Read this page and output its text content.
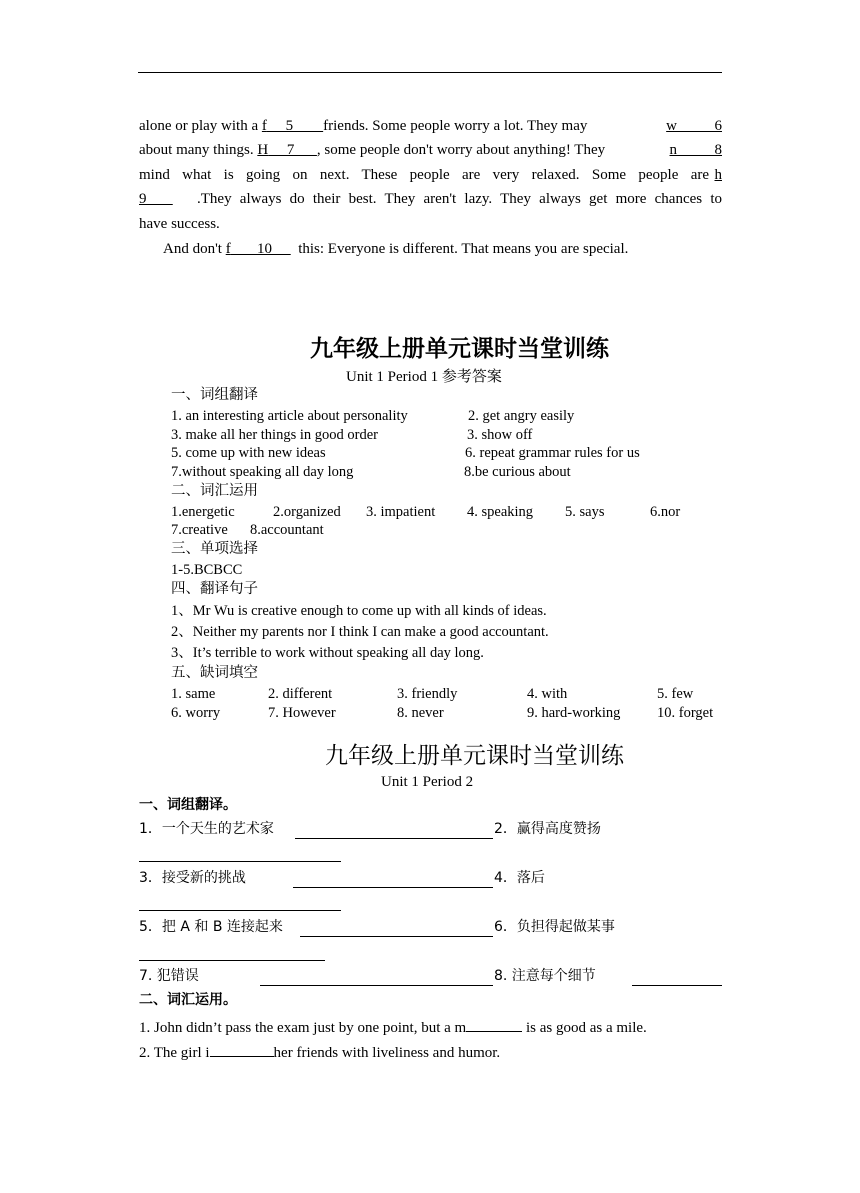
alone or play with a f     5        friends. Some people worry a lot. They may	w          6
about many things. H     7      , some people don't worry about anything! They	n          8
mind what is going on next. These people are very relaxed. Some people are h
9	.They always do their best. They aren't lazy. They always get more chances to
have success.
And don't f       10       this: Everyone is different. That means you are special.
九年级上册单元课时当堂训练
Unit 1 Period 1 参考答案
一、词组翻译
1. an interesting article about personality	2. get angry easily
3. make all her things in good order	3. show off
5. come up with new ideas	6. repeat grammar rules for us
7.without speaking all day long	8.be curious about
二、词汇运用
1.energetic	2.organized 3. impatient 4. speaking 5. says	6.nor
7.creative 8.accountant
三、单项选择
1-5.BCBCC
四、翻译句子
1、Mr Wu is creative enough to come up with all kinds of ideas.
2、Neither my parents nor I think I can make a good accountant.
3、It’s terrible to work without speaking all day long.
五、缺词填空
1. same	2. different	3. friendly	4. with	5. few
6. worry	7. However	8. never	9. hard-working	10. forget
九年级上册单元课时当堂训练
Unit 1 Period 2
一、词组翻译。
1．一个天生的艺术家	2．赢得高度赞扬
3．接受新的挑战	4．落后
5．把 A 和 B 连接起来	6．负担得起做某事
7. 犯错误	8. 注意每个细节
二、词汇运用。
1. John didn’t pass the exam just by one point, but a m	is as good as a mile.
2. The girl i	her friends with liveliness and humor.
